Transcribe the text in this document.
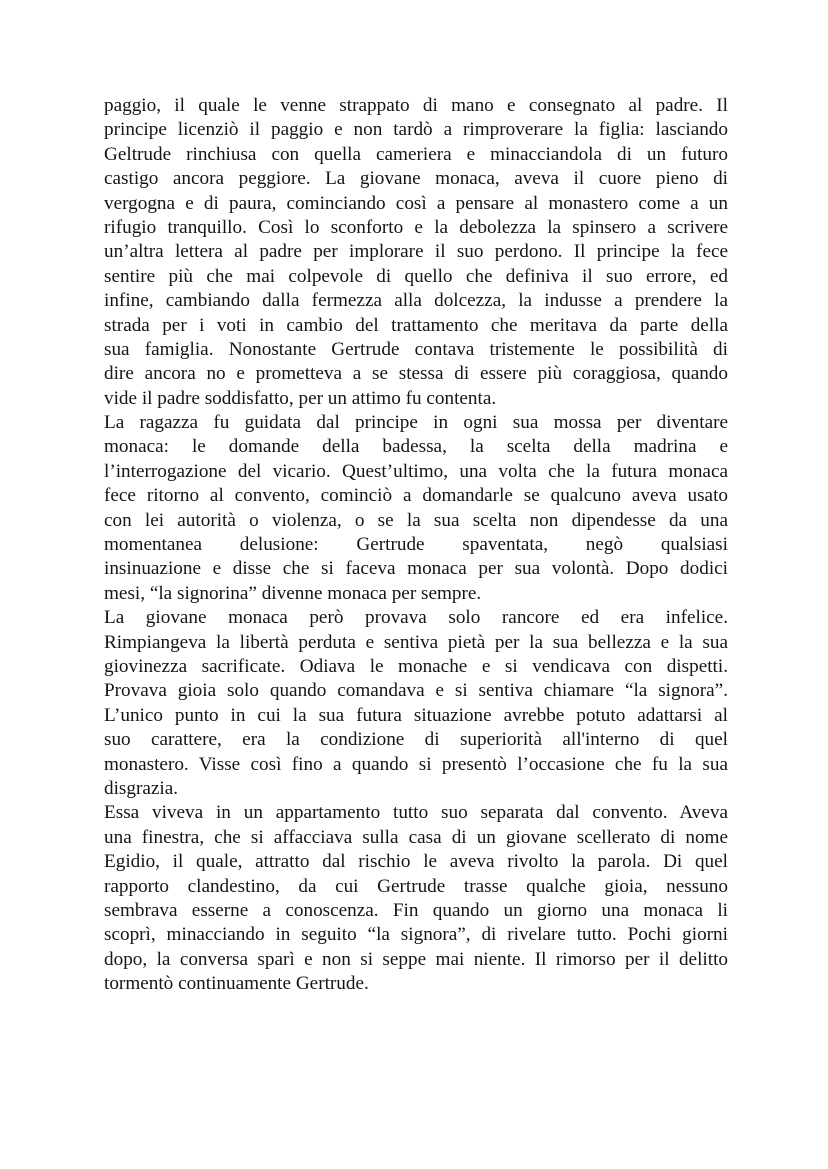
paggio, il quale le venne strappato di mano e consegnato al padre. Il
principe licenziò il paggio e non tardò a rimproverare la figlia: lasciando
Geltrude rinchiusa con quella cameriera e minacciandola di un futuro
castigo ancora peggiore. La giovane monaca, aveva il cuore pieno di
vergogna e di paura, cominciando così a pensare al monastero come a un
rifugio tranquillo. Così lo sconforto e la debolezza la spinsero a scrivere
un’altra lettera al padre per implorare il suo perdono. Il principe la fece
sentire più che mai colpevole di quello che definiva il suo errore, ed
infine, cambiando dalla fermezza alla dolcezza, la indusse a prendere la
strada per i voti in cambio del trattamento che meritava da parte della
sua famiglia. Nonostante Gertrude contava tristemente le possibilità di
dire ancora no e prometteva a se stessa di essere più coraggiosa, quando
vide il padre soddisfatto, per un attimo fu contenta.
La ragazza fu guidata dal principe in ogni sua mossa per diventare
monaca: le domande della badessa, la scelta della madrina e
l’interrogazione del vicario. Quest’ultimo, una volta che la futura monaca
fece ritorno al convento, cominciò a domandarle se qualcuno aveva usato
con lei autorità o violenza, o se la sua scelta non dipendesse da una
momentanea delusione: Gertrude spaventata, negò qualsiasi
insinuazione e disse che si faceva monaca per sua volontà. Dopo dodici
mesi, “la signorina” divenne monaca per sempre.
La giovane monaca però provava solo rancore ed era infelice.
Rimpiangeva la libertà perduta e sentiva pietà per la sua bellezza e la sua
giovinezza sacrificate. Odiava le monache e si vendicava con dispetti.
Provava gioia solo quando comandava e si sentiva chiamare “la signora”.
L’unico punto in cui la sua futura situazione avrebbe potuto adattarsi al
suo carattere, era la condizione di superiorità all'interno di quel
monastero. Visse così fino a quando si presentò l’occasione che fu la sua
disgrazia.
Essa viveva in un appartamento tutto suo separata dal convento. Aveva
una finestra, che si affacciava sulla casa di un giovane scellerato di nome
Egidio, il quale, attratto dal rischio le aveva rivolto la parola. Di quel
rapporto clandestino, da cui Gertrude trasse qualche gioia, nessuno
sembrava esserne a conoscenza. Fin quando un giorno una monaca li
scoprì, minacciando in seguito “la signora”, di rivelare tutto. Pochi giorni
dopo, la conversa sparì e non si seppe mai niente. Il rimorso per il delitto
tormentò continuamente Gertrude.
